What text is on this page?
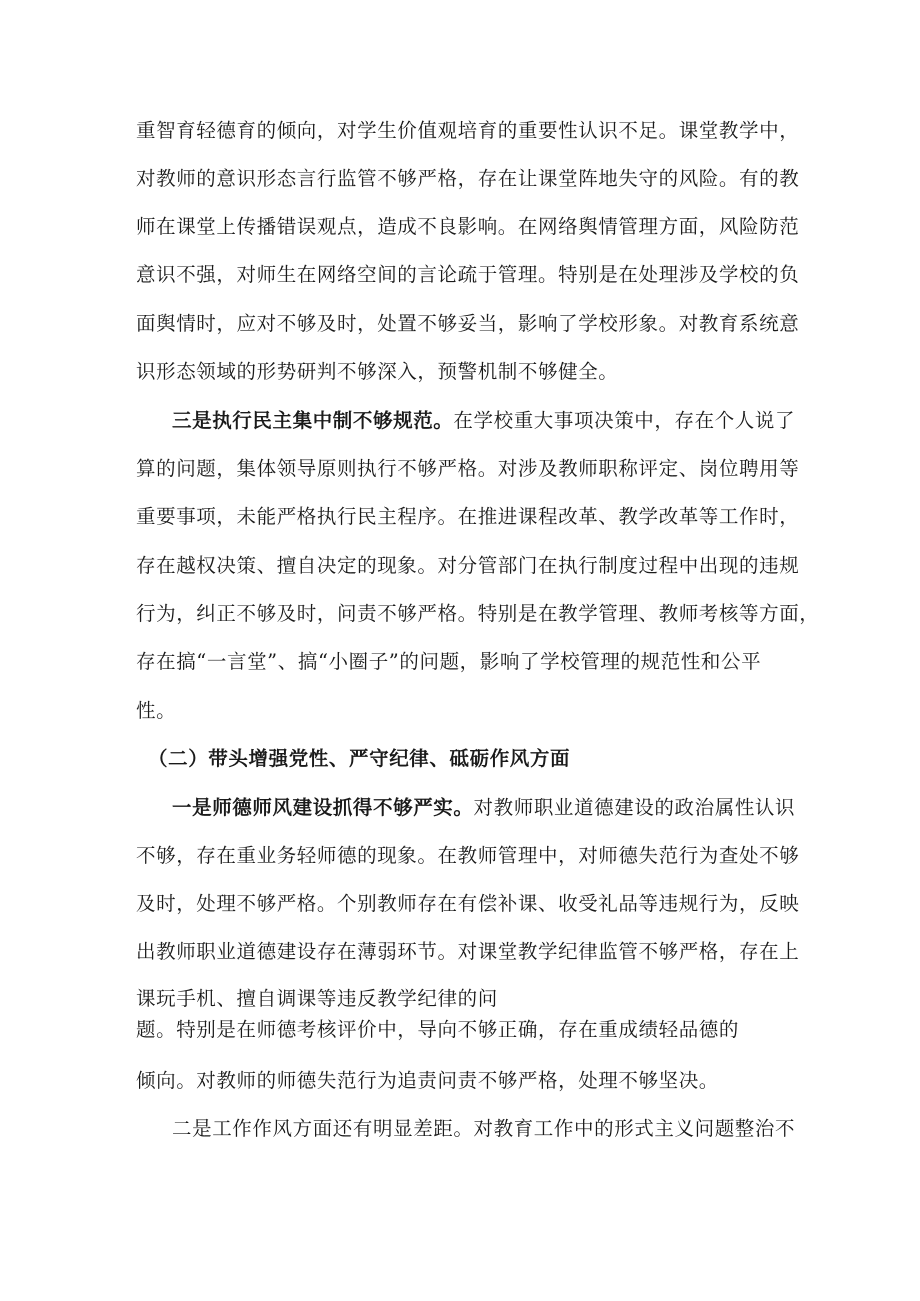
重智育轻德育的倾向，对学生价值观培育的重要性认识不足。课堂教学中，
对教师的意识形态言行监管不够严格，存在让课堂阵地失守的风险。有的教
师在课堂上传播错误观点，造成不良影响。在网络舆情管理方面，风险防范
意识不强，对师生在网络空间的言论疏于管理。特别是在处理涉及学校的负
面舆情时，应对不够及时，处置不够妥当，影响了学校形象。对教育系统意
识形态领域的形势研判不够深入，预警机制不够健全。
三是执行民主集中制不够规范。在学校重大事项决策中，存在个人说了
算的问题，集体领导原则执行不够严格。对涉及教师职称评定、岗位聘用等
重要事项，未能严格执行民主程序。在推进课程改革、教学改革等工作时，
存在越权决策、擅自决定的现象。对分管部门在执行制度过程中出现的违规
行为，纠正不够及时，问责不够严格。特别是在教学管理、教师考核等方面，
存在搞“一言堂”、搞“小圈子”的问题，影响了学校管理的规范性和公平
性。
（二）带头增强党性、严守纪律、砥砺作风方面
一是师德师风建设抓得不够严实。对教师职业道德建设的政治属性认识
不够，存在重业务轻师德的现象。在教师管理中，对师德失范行为查处不够
及时，处理不够严格。个别教师存在有偿补课、收受礼品等违规行为，反映
出教师职业道德建设存在薄弱环节。对课堂教学纪律监管不够严格，存在上
课玩手机、擅自调课等违反教学纪律的问
题。特别是在师德考核评价中，导向不够正确，存在重成绩轻品德的
倾向。对教师的师德失范行为追责问责不够严格，处理不够坚决。
二是工作作风方面还有明显差距。对教育工作中的形式主义问题整治不
